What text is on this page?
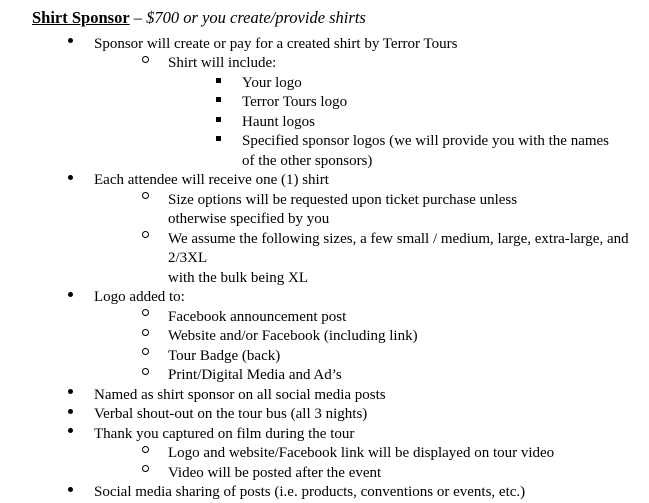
Shirt Sponsor – $700 or you create/provide shirts
Sponsor will create or pay for a created shirt by Terror Tours
Shirt will include:
Your logo
Terror Tours logo
Haunt logos
Specified sponsor logos (we will provide you with the names
of the other sponsors)
Each attendee will receive one (1) shirt
Size options will be requested upon ticket purchase unless
otherwise specified by you
We assume the following sizes, a few small / medium, large, extra-large, and 2/3XL
with the bulk being XL
Logo added to:
Facebook announcement post
Website and/or Facebook (including link)
Tour Badge (back)
Print/Digital Media and Ad’s
Named as shirt sponsor on all social media posts
Verbal shout-out on the tour bus (all 3 nights)
Thank you captured on film during the tour
Logo and website/Facebook link will be displayed on tour video
Video will be posted after the event
Social media sharing of posts (i.e. products, conventions or events, etc.)
